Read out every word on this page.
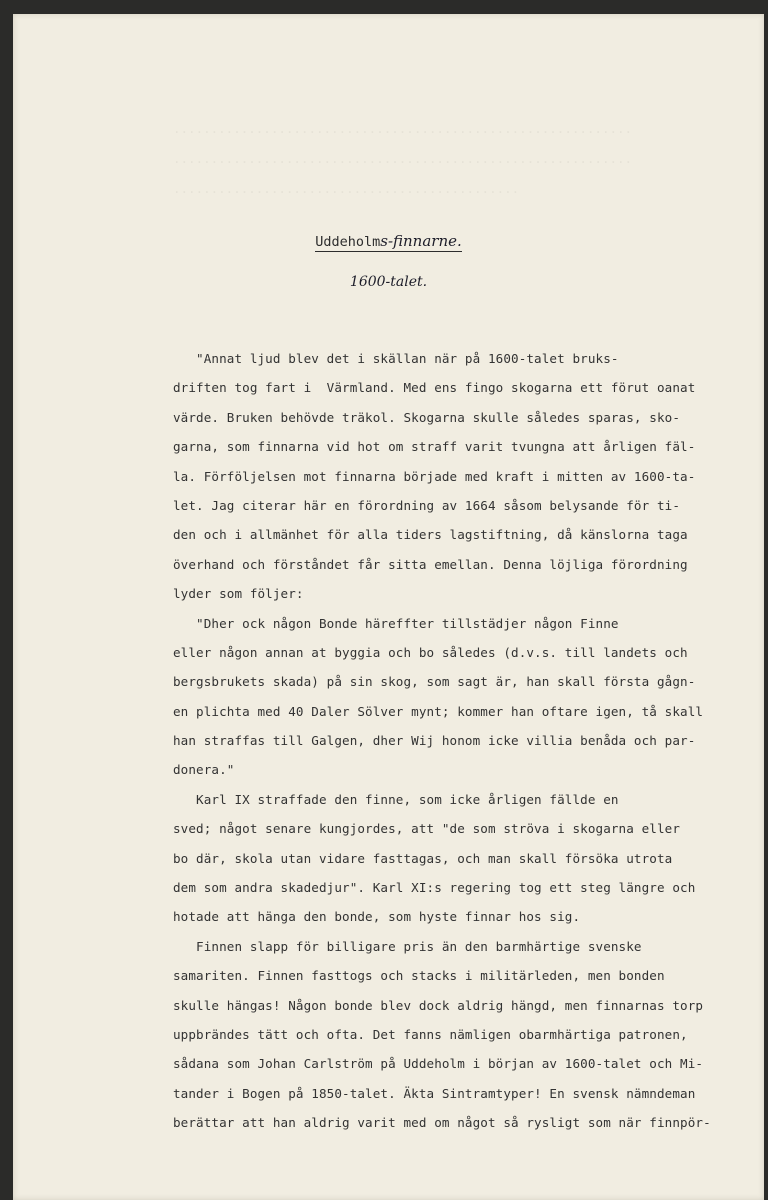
.............................................................

.............................................................

..............................................

Uddeholms-finnarne.
1600-talet.
"Annat ljud blev det i skällan när på 1600-talet bruks-
driften tog fart i  Värmland. Med ens fingo skogarna ett förut oanat
värde. Bruken behövde träkol. Skogarna skulle således sparas, sko-
garna, som finnarna vid hot om straff varit tvungna att årligen fäl-
la. Förföljelsen mot finnarna började med kraft i mitten av 1600-ta-
let. Jag citerar här en förordning av 1664 såsom belysande för ti-
den och i allmänhet för alla tiders lagstiftning, då känslorna taga
överhand och förståndet får sitta emellan. Denna löjliga förordning
lyder som följer:
"Dher ock någon Bonde häreffter tillstädjer någon Finne
eller någon annan at byggia och bo således (d.v.s. till landets och
bergsbrukets skada) på sin skog, som sagt är, han skall första gågn-
en plichta med 40 Daler Sölver mynt; kommer han oftare igen, tå skall
han straffas till Galgen, dher Wij honom icke villia benåda och par-
donera."
Karl IX straffade den finne, som icke årligen fällde en
sved; något senare kungjordes, att "de som ströva i skogarna eller
bo där, skola utan vidare fasttagas, och man skall försöka utrota
dem som andra skadedjur". Karl XI:s regering tog ett steg längre och
hotade att hänga den bonde, som hyste finnar hos sig.
Finnen slapp för billigare pris än den barmhärtige svenske
samariten. Finnen fasttogs och stacks i militärleden, men bonden
skulle hängas! Någon bonde blev dock aldrig hängd, men finnarnas torp
uppbrändes tätt och ofta. Det fanns nämligen obarmhärtiga patronen,
sådana som Johan Carlström på Uddeholm i början av 1600-talet och Mi-
tander i Bogen på 1850-talet. Äkta Sintramtyper! En svensk nämndeman
berättar att han aldrig varit med om något så rysligt som när finnpör-
